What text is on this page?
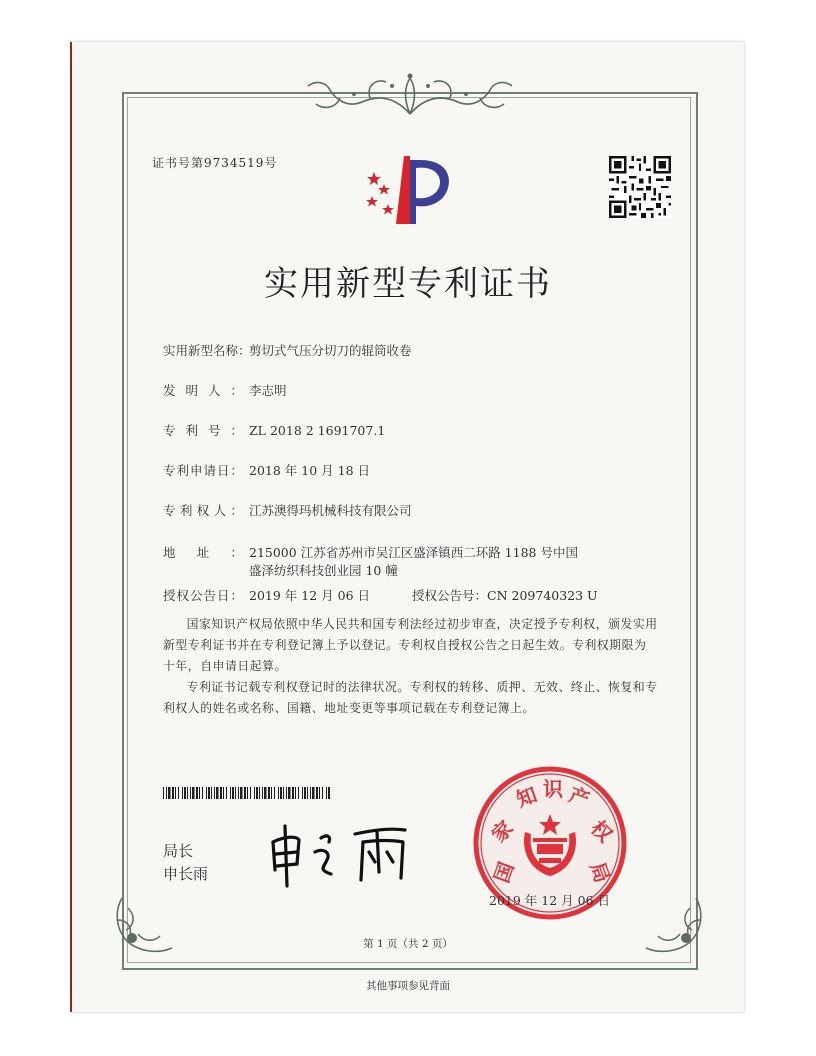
证书号第9734519号
实用新型专利证书
实用新型名称：剪切式气压分切刀的辊筒收卷
发明人： 李志明
专利号： ZL 2018 2 1691707.1
专利申请日： 2018 年 10 月 18 日
专利权人： 江苏澳得玛机械科技有限公司
地址： 215000 江苏省苏州市吴江区盛泽镇西二环路 1188 号中国
盛泽纺织科技创业园 10 幢
授权公告日： 2019 年 12 月 06 日	授权公告号：CN 209740323 U
国家知识产权局依照中华人民共和国专利法经过初步审查，决定授予专利权，颁发实用新型专利证书并在专利登记簿上予以登记。专利权自授权公告之日起生效。专利权期限为十年，自申请日起算。
专利证书记载专利权登记时的法律状况。专利权的转移、质押、无效、终止、恢复和专利权人的姓名或名称、国籍、地址变更等事项记载在专利登记簿上。
局长
申长雨	国
家
知 识 产
权
局
2019 年 12 月 06 日
第 1 页（共 2 页）
其他事项参见背面
